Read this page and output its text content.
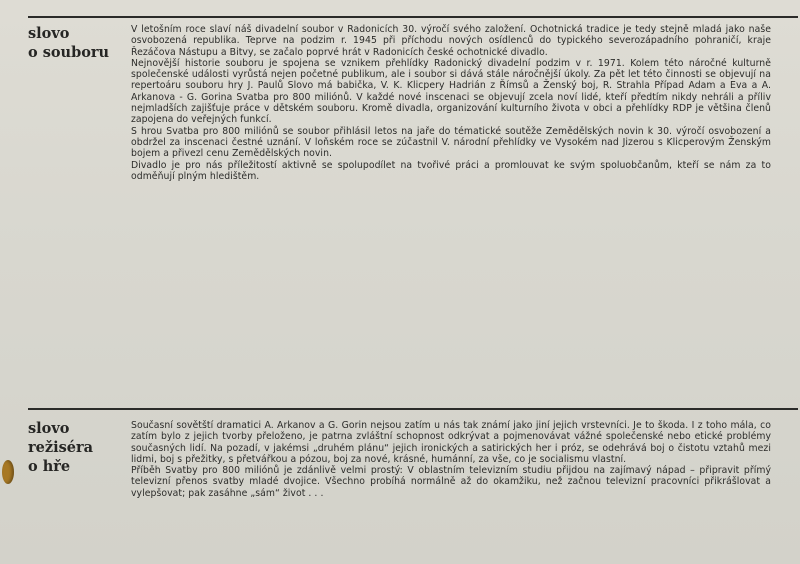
slovo
o souboru

V letošním roce slaví náš divadelní soubor v Radonicích 30. výročí svého založení. Ochotnická tradice je tedy stejně mladá jako naše osvobozená republika. Teprve na podzim r. 1945 při příchodu nových osídlenců do typického severozápadního pohraničí, kraje Řezáčova Nástupu a Bitvy, se začalo poprvé hrát v Radonicích české ochotnické divadlo.

Nejnovější historie souboru je spojena se vznikem přehlídky Radonický divadelní podzim v r. 1971. Kolem této náročné kulturně společenské události vyrůstá nejen početné publikum, ale i soubor si dává stále náročnější úkoly. Za pět let této činnosti se objevují na repertoáru souboru hry J. Paulů Slovo má babička, V. K. Klicpery Hadrián z Římsů a Ženský boj, R. Strahla Případ Adam a Eva a A. Arkanova - G. Gorina Svatba pro 800 miliónů. V každé nové inscenaci se objevují zcela noví lidé, kteří předtím nikdy nehráli a příliv nejmladších zajišťuje práce v dětském souboru. Kromě divadla, organizování kulturního života v obci a přehlídky RDP je většina členů zapojena do veřejných funkcí.

S hrou Svatba pro 800 miliónů se soubor přihlásil letos na jaře do tématické soutěže Zemědělských novin k 30. výročí osvobození a obdržel za inscenaci čestné uznání. V loňském roce se zúčastnil V. národní přehlídky ve Vysokém nad Jizerou s Klicperovým Ženským bojem a přivezl cenu Zemědělských novin.

Divadlo je pro nás příležitostí aktivně se spolupodílet na tvořivé práci a promlouvat ke svým spoluobčanům, kteří se nám za to odměňují plným hledištěm.

slovo
režiséra
o hře

Současní sovětští dramatici A. Arkanov a G. Gorin nejsou zatím u nás tak známí jako jiní jejich vrstevníci. Je to škoda. I z toho mála, co zatím bylo z jejich tvorby přeloženo, je patrna zvláštní schopnost odkrývat a pojmenovávat vážné společenské nebo etické problémy současných lidí. Na pozadí, v jakémsi „druhém plánu“ jejich ironických a satirických her i próz, se odehrává boj o čistotu vztahů mezi lidmi, boj s přežitky, s přetvářkou a pózou, boj za nové, krásné, humánní, za vše, co je socialismu vlastní.

Příběh Svatby pro 800 miliónů je zdánlivě velmi prostý: V oblastním televizním studiu přijdou na zajímavý nápad – připravit přímý televizní přenos svatby mladé dvojice. Všechno probíhá normálně až do okamžiku, než začnou televizní pracovníci přikrášlovat a vylepšovat; pak zasáhne „sám“ život . . .
